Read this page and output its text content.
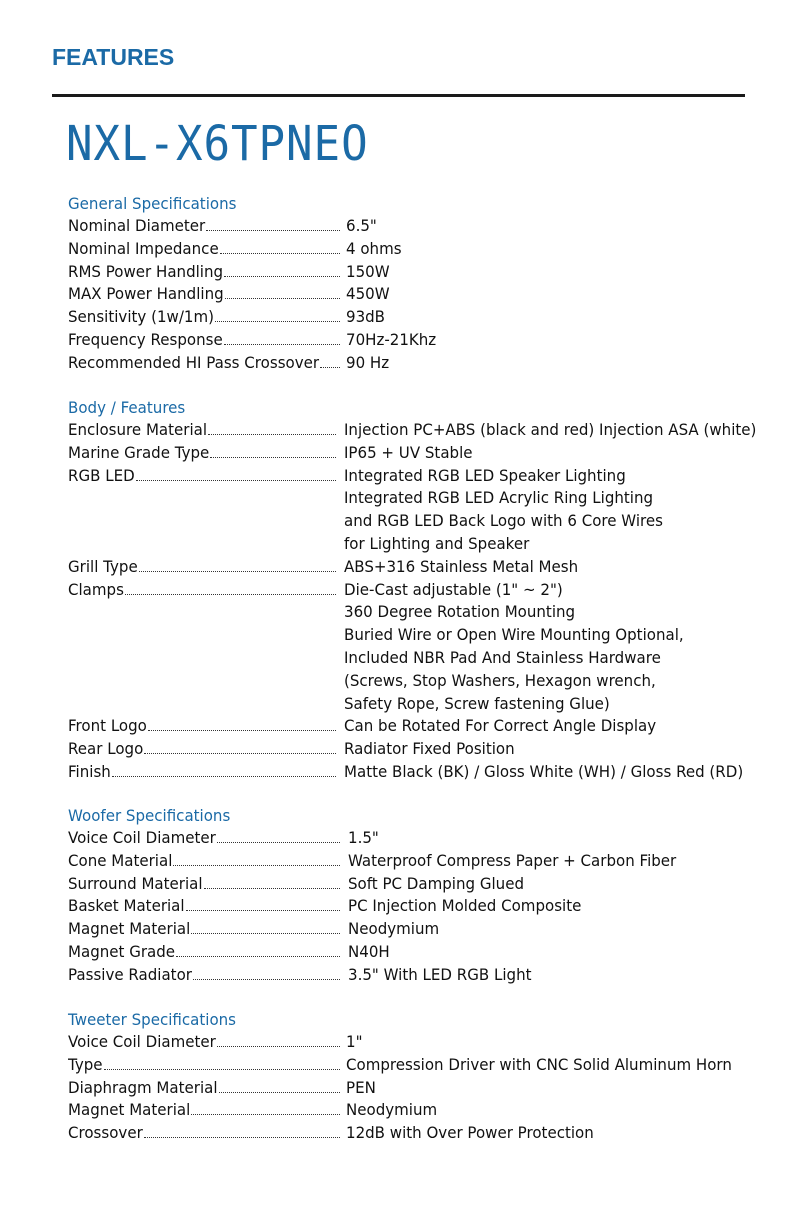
FEATURES
NXL-X6TPNEO
General Specifications
Nominal Diameter	6.5"
Nominal Impedance	4 ohms
RMS Power Handling	150W
MAX Power Handling	450W
Sensitivity (1w/1m)	93dB
Frequency Response	70Hz-21Khz
Recommended HI Pass Crossover 90 Hz
Body / Features
Enclosure Material	Injection PC+ABS (black and red) Injection ASA (white)
Marine Grade Type	IP65 + UV Stable
RGB LED	Integrated RGB LED Speaker Lighting
Integrated RGB LED Acrylic Ring Lighting
and RGB LED Back Logo with 6 Core Wires
for Lighting and Speaker
Grill Type	ABS+316 Stainless Metal Mesh
Clamps	Die-Cast adjustable (1" ~ 2")
360 Degree Rotation Mounting
Buried Wire or Open Wire Mounting Optional,
Included NBR Pad And Stainless Hardware
(Screws, Stop Washers, Hexagon wrench,
Safety Rope, Screw fastening Glue)
Front Logo	Can be Rotated For Correct Angle Display
Rear Logo	Radiator Fixed Position
Finish	Matte Black (BK) / Gloss White (WH) / Gloss Red (RD)
Woofer Specifications
Voice Coil Diameter	1.5"
Cone Material	Waterproof Compress Paper + Carbon Fiber
Surround Material	Soft PC Damping Glued
Basket Material	PC Injection Molded Composite
Magnet Material	Neodymium
Magnet Grade	N40H
Passive Radiator	3.5" With LED RGB Light
Tweeter Specifications
Voice Coil Diameter	1"
Type	Compression Driver with CNC Solid Aluminum Horn
Diaphragm Material	PEN
Magnet Material	Neodymium
Crossover	12dB with Over Power Protection
